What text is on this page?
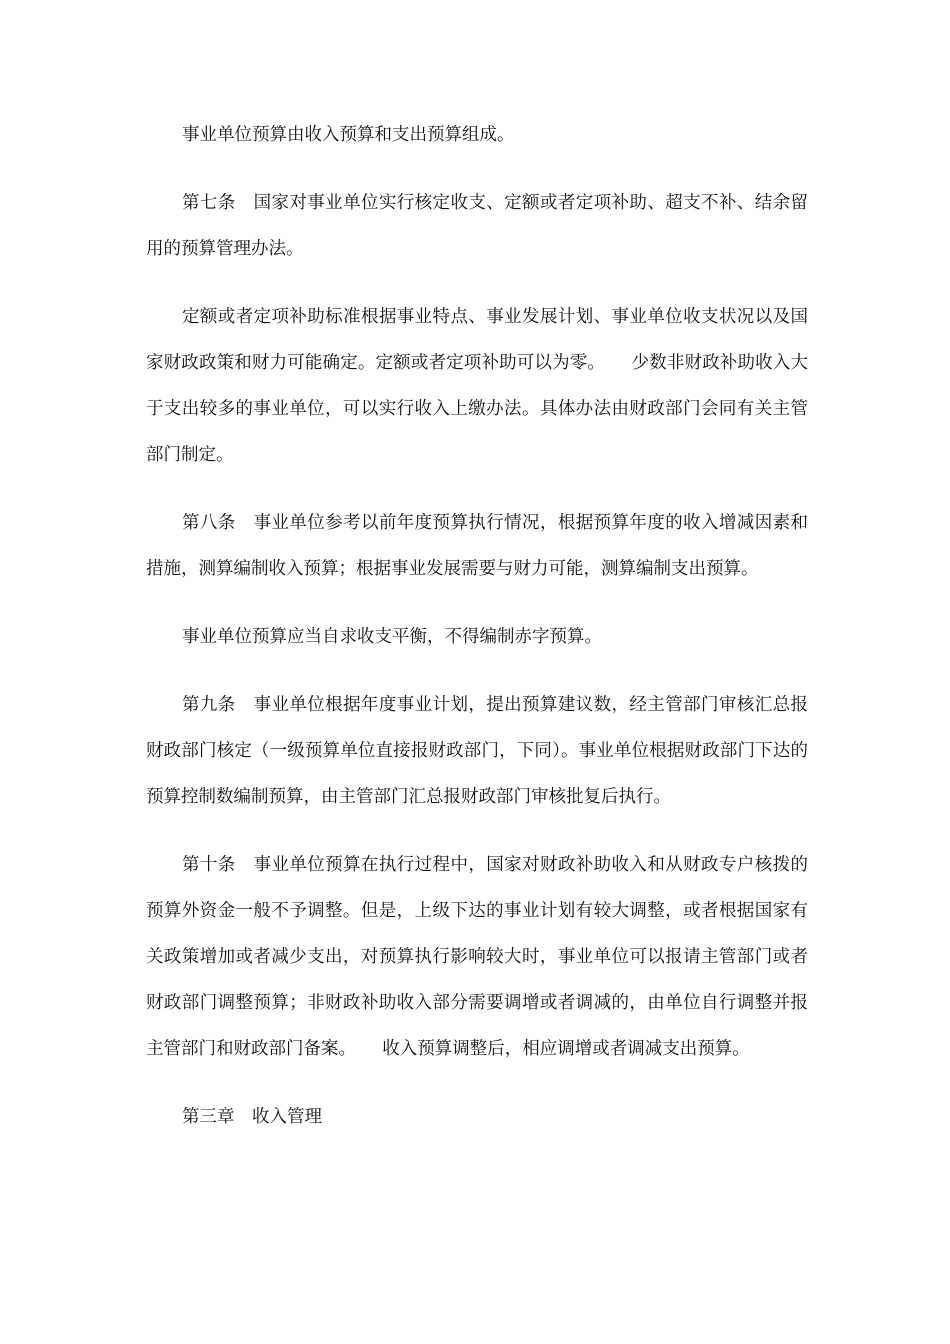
事业单位预算由收入预算和支出预算组成。

第七条　国家对事业单位实行核定收支、定额或者定项补助、超支不补、结余留用的预算管理办法。

定额或者定项补助标准根据事业特点、事业发展计划、事业单位收支状况以及国家财政政策和财力可能确定。定额或者定项补助可以为零。　　少数非财政补助收入大于支出较多的事业单位，可以实行收入上缴办法。具体办法由财政部门会同有关主管部门制定。

第八条　事业单位参考以前年度预算执行情况，根据预算年度的收入增减因素和措施，测算编制收入预算；根据事业发展需要与财力可能，测算编制支出预算。

事业单位预算应当自求收支平衡，不得编制赤字预算。

第九条　事业单位根据年度事业计划，提出预算建议数，经主管部门审核汇总报财政部门核定（一级预算单位直接报财政部门，下同）。事业单位根据财政部门下达的预算控制数编制预算，由主管部门汇总报财政部门审核批复后执行。

第十条　事业单位预算在执行过程中，国家对财政补助收入和从财政专户核拨的预算外资金一般不予调整。但是，上级下达的事业计划有较大调整，或者根据国家有关政策增加或者减少支出，对预算执行影响较大时，事业单位可以报请主管部门或者财政部门调整预算；非财政补助收入部分需要调增或者调减的，由单位自行调整并报主管部门和财政部门备案。　　收入预算调整后，相应调增或者调减支出预算。

第三章　收入管理
